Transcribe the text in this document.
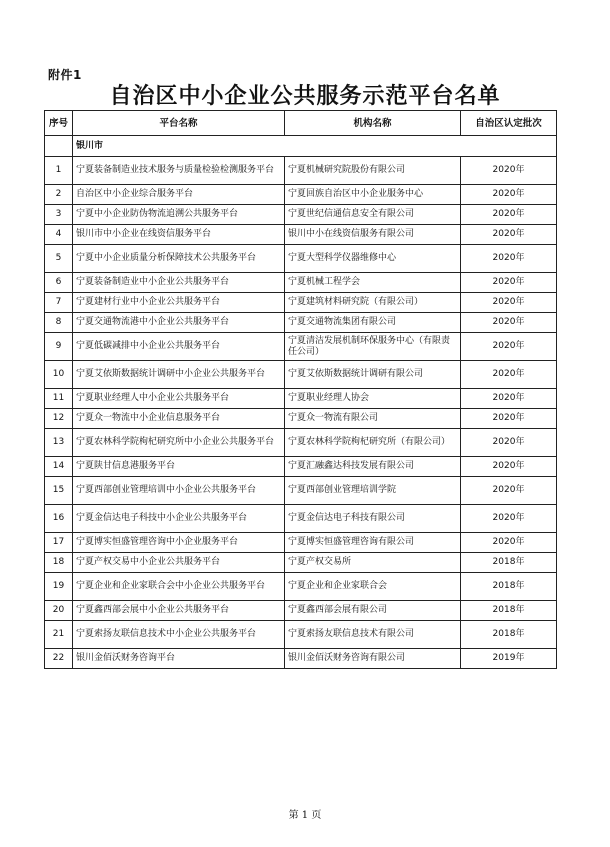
附件1
自治区中小企业公共服务示范平台名单
序号	平台名称	机构名称	自治区认定批次
	银川市		
1	宁夏装备制造业技术服务与质量检验检测服务平台	宁夏机械研究院股份有限公司	2020年
2	自治区中小企业综合服务平台	宁夏回族自治区中小企业服务中心	2020年
3	宁夏中小企业防伪物流追溯公共服务平台	宁夏世纪信通信息安全有限公司	2020年
4	银川市中小企业在线资信服务平台	银川中小在线资信服务有限公司	2020年
5	宁夏中小企业质量分析保障技术公共服务平台	宁夏大型科学仪器维修中心	2020年
6	宁夏装备制造业中小企业公共服务平台	宁夏机械工程学会	2020年
7	宁夏建材行业中小企业公共服务平台	宁夏建筑材料研究院（有限公司）	2020年
8	宁夏交通物流港中小企业公共服务平台	宁夏交通物流集团有限公司	2020年
9	宁夏低碳减排中小企业公共服务平台	宁夏清洁发展机制环保服务中心（有限责任公司）	2020年
10	宁夏艾依斯数据统计调研中小企业公共服务平台	宁夏艾依斯数据统计调研有限公司	2020年
11	宁夏职业经理人中小企业公共服务平台	宁夏职业经理人协会	2020年
12	宁夏众一物流中小企业信息服务平台	宁夏众一物流有限公司	2020年
13	宁夏农林科学院枸杞研究所中小企业公共服务平台	宁夏农林科学院枸杞研究所（有限公司）	2020年
14	宁夏陕甘信息港服务平台	宁夏汇融鑫达科技发展有限公司	2020年
15	宁夏西部创业管理培训中小企业公共服务平台	宁夏西部创业管理培训学院	2020年
16	宁夏金信达电子科技中小企业公共服务平台	宁夏金信达电子科技有限公司	2020年
17	宁夏博实恒盛管理咨询中小企业服务平台	宁夏博实恒盛管理咨询有限公司	2020年
18	宁夏产权交易中小企业公共服务平台	宁夏产权交易所	2018年
19	宁夏企业和企业家联合会中小企业公共服务平台	宁夏企业和企业家联合会	2018年
20	宁夏鑫西部会展中小企业公共服务平台	宁夏鑫西部会展有限公司	2018年
21	宁夏索扬友联信息技术中小企业公共服务平台	宁夏索扬友联信息技术有限公司	2018年
22	银川金佰沃财务咨询平台	银川金佰沃财务咨询有限公司	2019年
第 1 页
